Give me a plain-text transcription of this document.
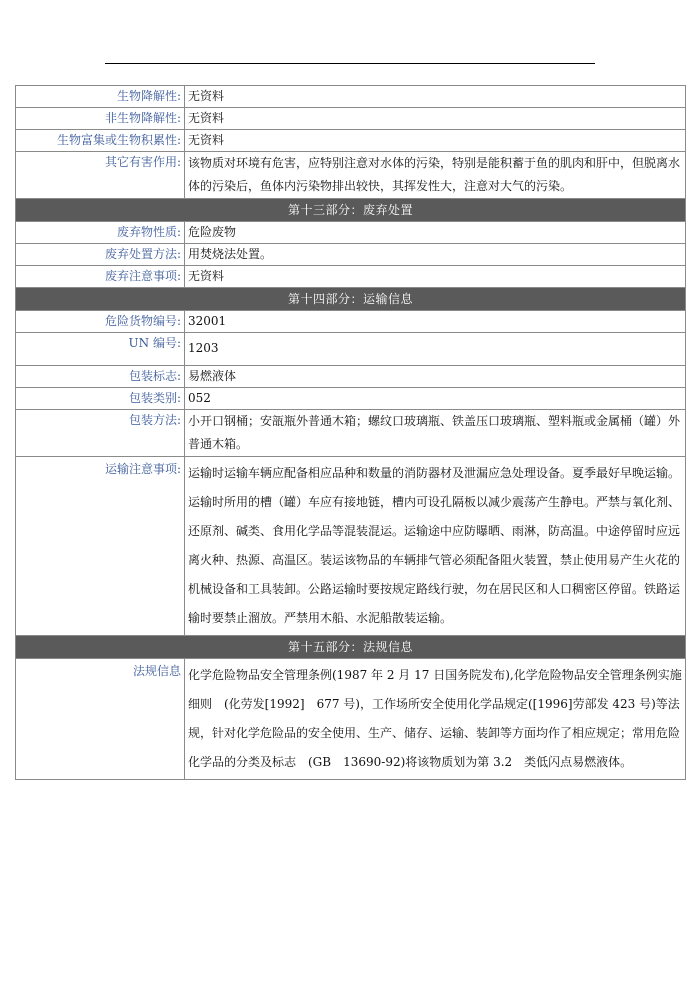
生物降解性:	无资料
非生物降解性:	无资料
生物富集或生物积累性:	无资料
其它有害作用:	该物质对环境有危害，应特别注意对水体的污染，特别是能积蓄于鱼的肌肉和肝中，但脱离水体的污染后，鱼体内污染物排出较快，其挥发性大，注意对大气的污染。
第十三部分：废弃处置	
废弃物性质:	危险废物
废弃处置方法:	用焚烧法处置。
废弃注意事项:	无资料
第十四部分：运输信息	
危险货物编号:	32001
UN 编号:	1203
包装标志:	易燃液体
包装类别:	052
包装方法:	小开口钢桶；安瓿瓶外普通木箱；螺纹口玻璃瓶、铁盖压口玻璃瓶、塑料瓶或金属桶（罐）外普通木箱。
运输注意事项:	运输时运输车辆应配备相应品种和数量的消防器材及泄漏应急处理设备。夏季最好早晚运输。运输时所用的槽（罐）车应有接地链，槽内可设孔隔板以减少震荡产生静电。严禁与氧化剂、还原剂、碱类、食用化学品等混装混运。运输途中应防曝晒、雨淋，防高温。中途停留时应远离火种、热源、高温区。装运该物品的车辆排气管必须配备阻火装置，禁止使用易产生火花的机械设备和工具装卸。公路运输时要按规定路线行驶，勿在居民区和人口稠密区停留。铁路运输时要禁止溜放。严禁用木船、水泥船散装运输。
第十五部分：法规信息	
法规信息	化学危险物品安全管理条例(1987 年 2 月 17 日国务院发布),化学危险物品安全管理条例实施细则　(化劳发[1992]　677 号)，工作场所安全使用化学品规定([1996]劳部发 423 号)等法规，针对化学危险品的安全使用、生产、储存、运输、装卸等方面均作了相应规定；常用危险化学品的分类及标志　(GB　13690-92)将该物质划为第 3.2　类低闪点易燃液体。
